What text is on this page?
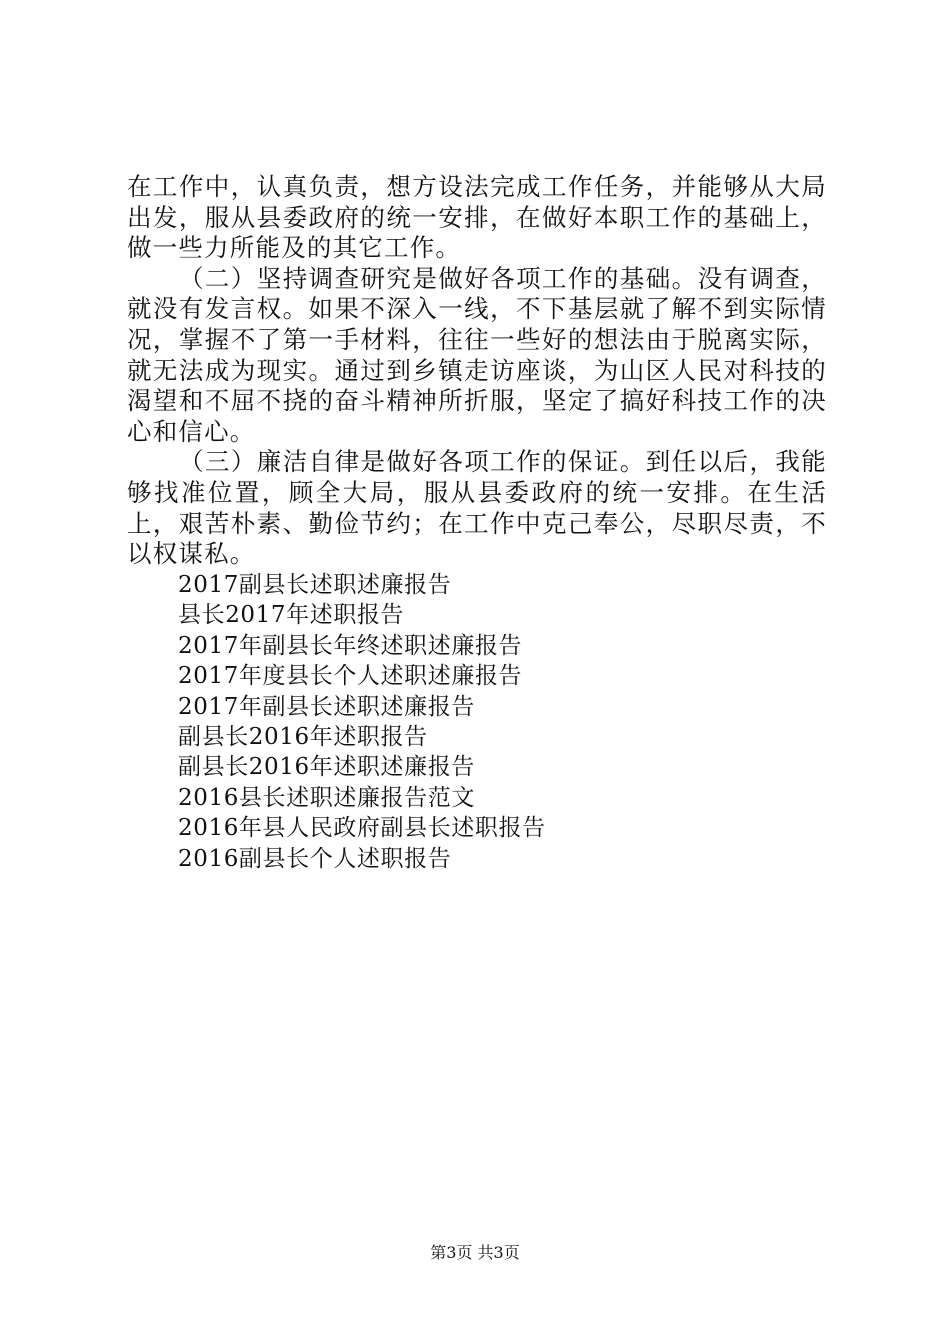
在工作中，认真负责，想方设法完成工作任务，并能够从大局出发，服从县委政府的统一安排，在做好本职工作的基础上，做一些力所能及的其它工作。

（二）坚持调查研究是做好各项工作的基础。没有调查，就没有发言权。如果不深入一线，不下基层就了解不到实际情况，掌握不了第一手材料，往往一些好的想法由于脱离实际，就无法成为现实。通过到乡镇走访座谈，为山区人民对科技的渴望和不屈不挠的奋斗精神所折服，坚定了搞好科技工作的决心和信心。

（三）廉洁自律是做好各项工作的保证。到任以后，我能够找准位置，顾全大局，服从县委政府的统一安排。在生活上，艰苦朴素、勤俭节约；在工作中克己奉公，尽职尽责，不以权谋私。

2017副县长述职述廉报告
县长2017年述职报告
2017年副县长年终述职述廉报告
2017年度县长个人述职述廉报告
2017年副县长述职述廉报告
副县长2016年述职报告
副县长2016年述职述廉报告
2016县长述职述廉报告范文
2016年县人民政府副县长述职报告
2016副县长个人述职报告
第3页 共3页
